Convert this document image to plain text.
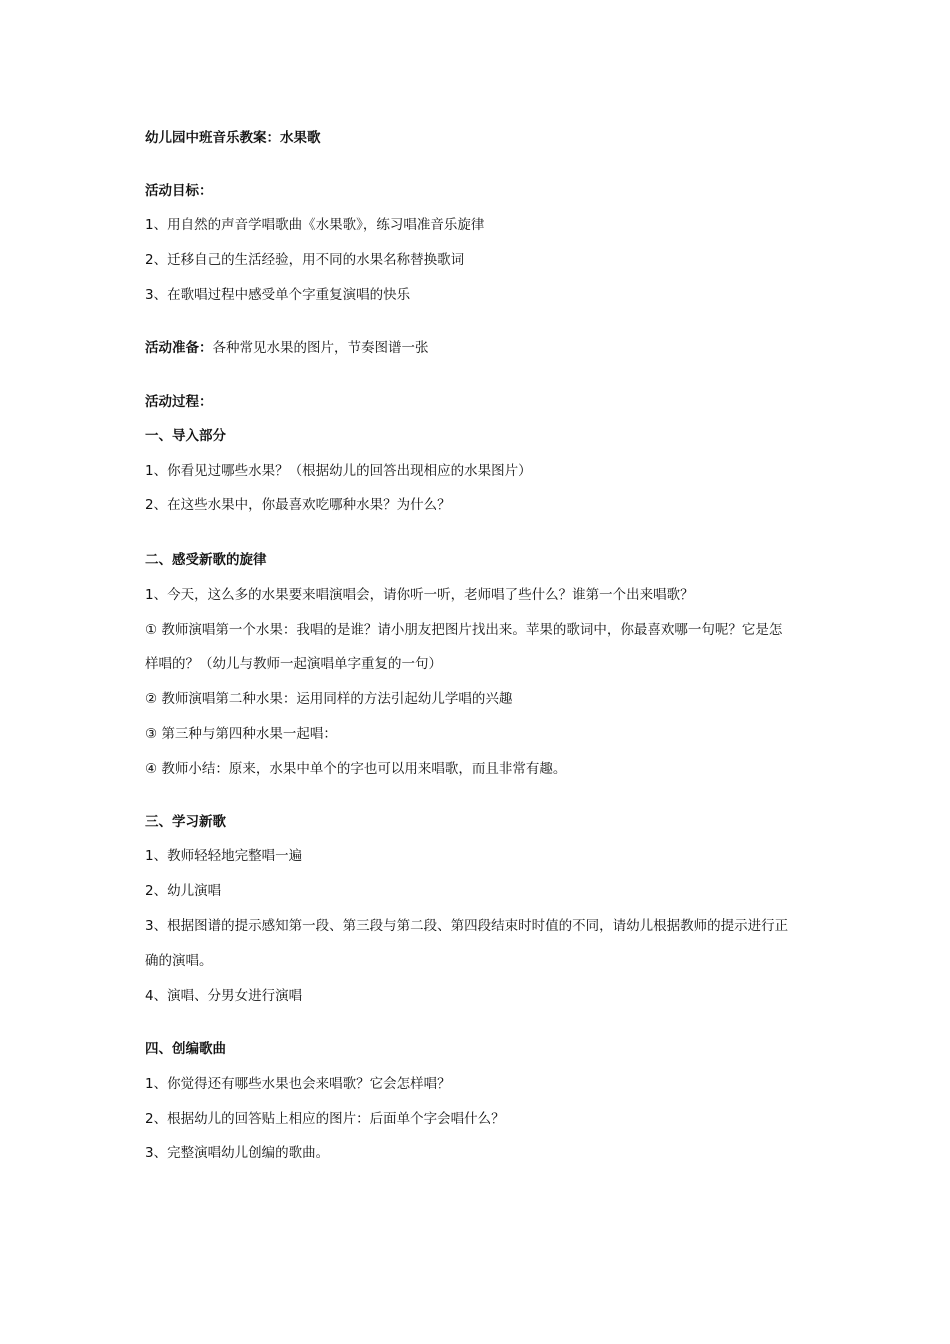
幼儿园中班音乐教案：水果歌
活动目标：
1、用自然的声音学唱歌曲《水果歌》，练习唱准音乐旋律
2、迁移自己的生活经验，用不同的水果名称替换歌词
3、在歌唱过程中感受单个字重复演唱的快乐
活动准备：各种常见水果的图片，节奏图谱一张
活动过程：
一、导入部分
1、你看见过哪些水果？（根据幼儿的回答出现相应的水果图片）
2、在这些水果中，你最喜欢吃哪种水果？为什么？
二、感受新歌的旋律
1、今天，这么多的水果要来唱演唱会，请你听一听，老师唱了些什么？谁第一个出来唱歌？
① 教师演唱第一个水果：我唱的是谁？请小朋友把图片找出来。苹果的歌词中，你最喜欢哪一句呢？它是怎
样唱的？（幼儿与教师一起演唱单字重复的一句）
② 教师演唱第二种水果：运用同样的方法引起幼儿学唱的兴趣
③ 第三种与第四种水果一起唱：
④ 教师小结：原来，水果中单个的字也可以用来唱歌，而且非常有趣。
三、学习新歌
1、教师轻轻地完整唱一遍
2、幼儿演唱
3、根据图谱的提示感知第一段、第三段与第二段、第四段结束时时值的不同，请幼儿根据教师的提示进行正
确的演唱。
4、演唱、分男女进行演唱
四、创编歌曲
1、你觉得还有哪些水果也会来唱歌？它会怎样唱？
2、根据幼儿的回答贴上相应的图片：后面单个字会唱什么？
3、完整演唱幼儿创编的歌曲。
